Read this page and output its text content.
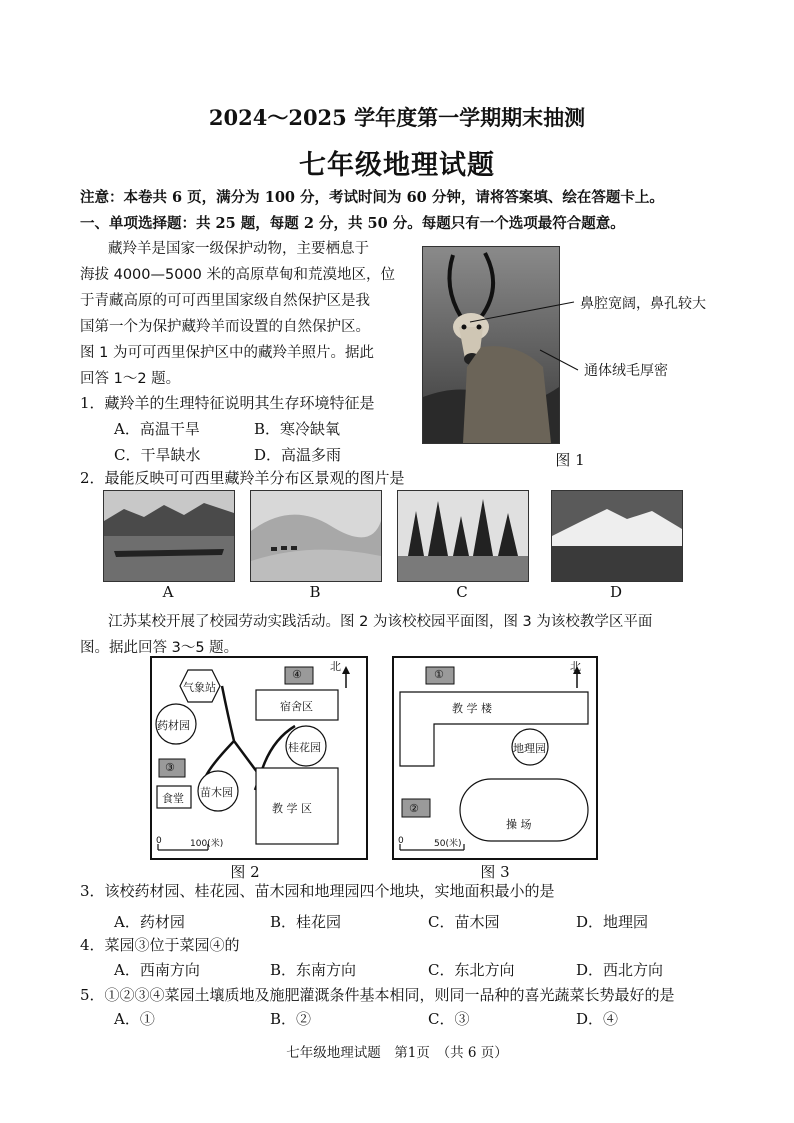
2024～2025 学年度第一学期期末抽测
七年级地理试题
注意：本卷共 6 页，满分为 100 分，考试时间为 60 分钟，请将答案填、绘在答题卡上。
一、单项选择题：共 25 题，每题 2 分，共 50 分。每题只有一个选项最符合题意。
藏羚羊是国家一级保护动物，主要栖息于
海拔 4000—5000 米的高原草甸和荒漠地区，位
于青藏高原的可可西里国家级自然保护区是我
国第一个为保护藏羚羊而设置的自然保护区。
图 1 为可可西里保护区中的藏羚羊照片。据此
回答 1～2 题。
鼻腔宽阔，鼻孔较大
通体绒毛厚密
图 1
1．藏羚羊的生理特征说明其生存环境特征是
A．高温干旱	B．寒冷缺氧
C．干旱缺水	D．高温多雨
2．最能反映可可西里藏羚羊分布区景观的图片是
A	B	C	D
江苏某校开展了校园劳动实践活动。图 2 为该校校园平面图，图 3 为该校教学区平面
图。据此回答 3～5 题。
北
气象站
药材园
④
宿舍区
桂花园
③
食堂 苗木园
教 学 区
0	100(米)
图 2
北
①
教 学 楼
地理园
②
操 场
0	50(米)
图 3
3．该校药材园、桂花园、苗木园和地理园四个地块，实地面积最小的是
A．药材园	B．桂花园	C．苗木园	D．地理园
4．菜园③位于菜园④的
A．西南方向	B．东南方向	C．东北方向	D．西北方向
5．①②③④菜园土壤质地及施肥灌溉条件基本相同，则同一品种的喜光蔬菜长势最好的是
A．①	B．②	C．③	D．④
七年级地理试题　第1页　（共 6 页）
